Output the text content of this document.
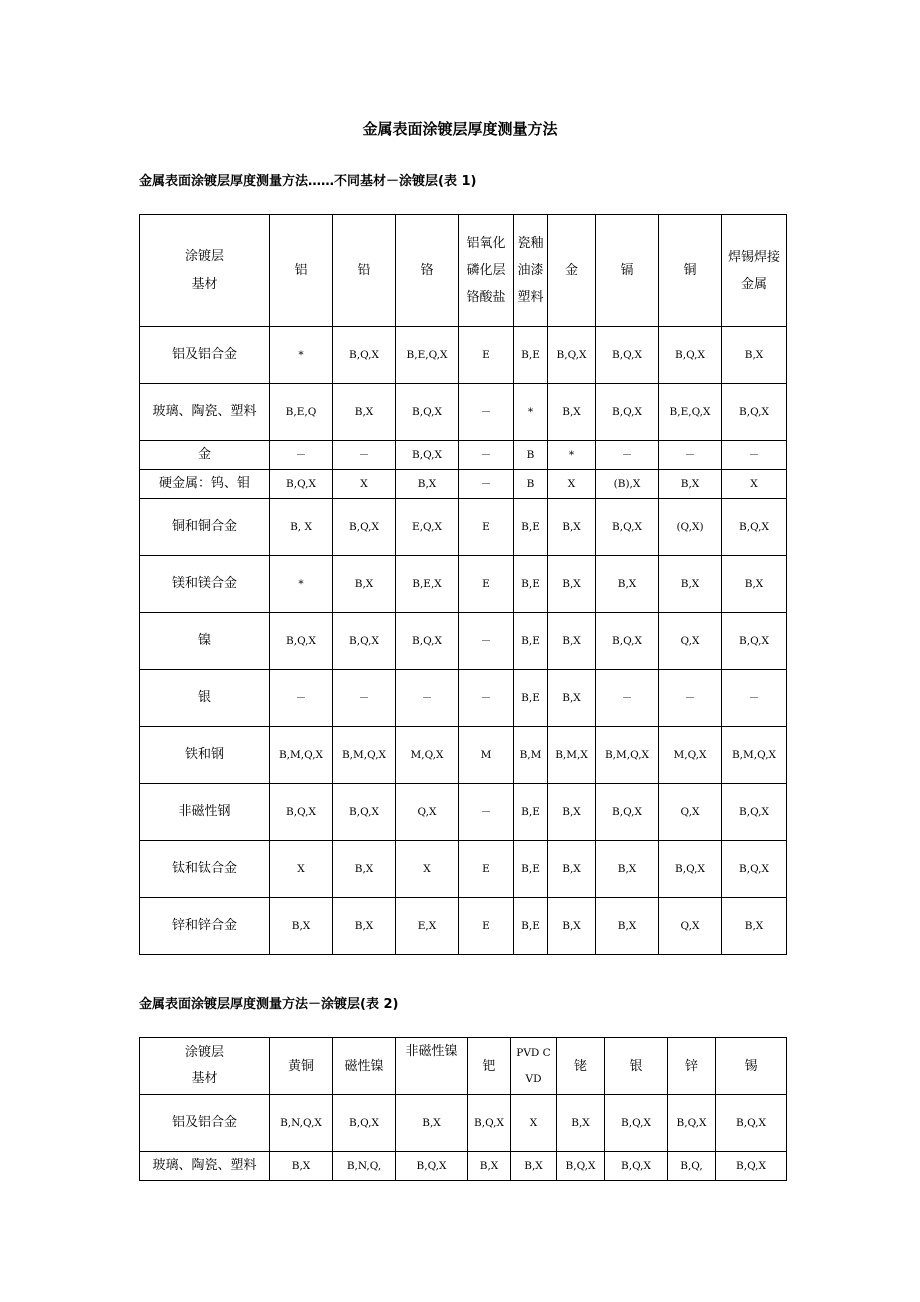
金属表面涂镀层厚度测量方法
金属表面涂镀层厚度测量方法……不同基材－涂镀层(表 1)
涂镀层
基材	铝	铅	铬	铝氧化磷化层铬酸盐	瓷釉油漆塑料	金	镉	铜	焊锡焊接金属
铝及铝合金	*	B,Q,X	B,E,Q,X	E	B,E	B,Q,X	B,Q,X	B,Q,X	B,X
玻璃、陶瓷、塑料	B,E,Q	B,X	B,Q,X	－	*	B,X	B,Q,X	B,E,Q,X	B,Q,X
金	－	－	B,Q,X	－	B	*	－	－	－
硬金属：钨、钼	B,Q,X	X	B,X	－	B	X	(B),X	B,X	X
铜和铜合金	B, X	B,Q,X	E,Q,X	E	B,E	B,X	B,Q,X	(Q,X)	B,Q,X
镁和镁合金	*	B,X	B,E,X	E	B,E	B,X	B,X	B,X	B,X
镍	B,Q,X	B,Q,X	B,Q,X	－	B,E	B,X	B,Q,X	Q,X	B,Q,X
银	－	－	－	－	B,E	B,X	－	－	－
铁和钢	B,M,Q,X	B,M,Q,X	M,Q,X	M	B,M	B,M,X	B,M,Q,X	M,Q,X	B,M,Q,X
非磁性钢	B,Q,X	B,Q,X	Q,X	－	B,E	B,X	B,Q,X	Q,X	B,Q,X
钛和钛合金	X	B,X	X	E	B,E	B,X	B,X	B,Q,X	B,Q,X
锌和锌合金	B,X	B,X	E,X	E	B,E	B,X	B,X	Q,X	B,X
金属表面涂镀层厚度测量方法－涂镀层(表 2)
涂镀层
基材	黄铜	磁性镍	非磁性镍	钯	PVD CVD	铑	银	锌	锡
铝及铝合金	B,N,Q,X	B,Q,X	B,X	B,Q,X	X	B,X	B,Q,X	B,Q,X	B,Q,X
玻璃、陶瓷、塑料	B,X	B,N,Q,	B,Q,X	B,X	B,X	B,Q,X	B,Q,X	B,Q,	B,Q,X
